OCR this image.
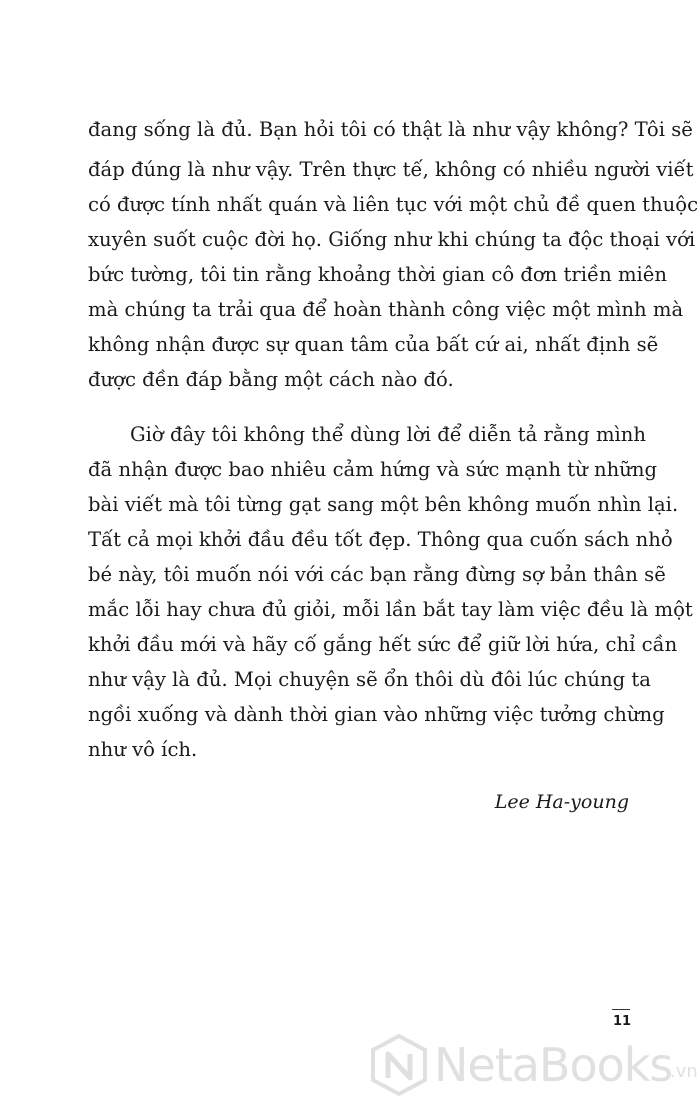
đang sống là đủ. Bạn hỏi tôi có thật là như vậy không? Tôi sẽ
đáp đúng là như vậy. Trên thực tế, không có nhiều người viết
có được tính nhất quán và liên tục với một chủ đề quen thuộc
xuyên suốt cuộc đời họ. Giống như khi chúng ta độc thoại với
bức tường, tôi tin rằng khoảng thời gian cô đơn triền miên
mà chúng ta trải qua để hoàn thành công việc một mình mà
không nhận được sự quan tâm của bất cứ ai, nhất định sẽ
được đền đáp bằng một cách nào đó.
Giờ đây tôi không thể dùng lời để diễn tả rằng mình
đã nhận được bao nhiêu cảm hứng và sức mạnh từ những
bài viết mà tôi từng gạt sang một bên không muốn nhìn lại.
Tất cả mọi khởi đầu đều tốt đẹp. Thông qua cuốn sách nhỏ
bé này, tôi muốn nói với các bạn rằng đừng sợ bản thân sẽ
mắc lỗi hay chưa đủ giỏi, mỗi lần bắt tay làm việc đều là một
khởi đầu mới và hãy cố gắng hết sức để giữ lời hứa, chỉ cần
như vậy là đủ. Mọi chuyện sẽ ổn thôi dù đôi lúc chúng ta
ngồi xuống và dành thời gian vào những việc tưởng chừng
như vô ích.
Lee Ha-young
11
NetaBooks
.vn
